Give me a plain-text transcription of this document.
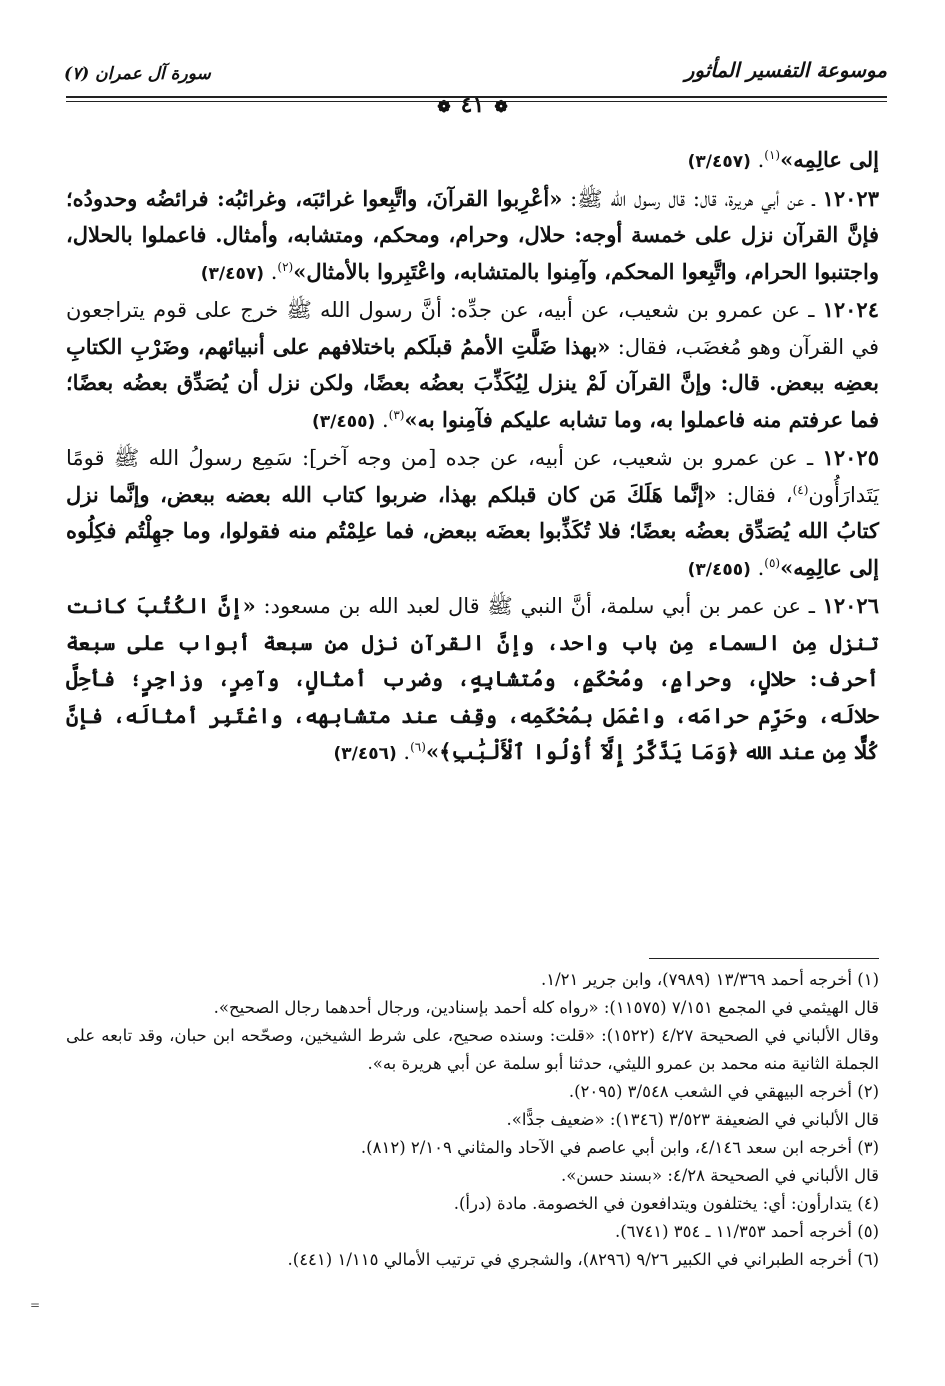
موسوعة التفسير المأثور
سورة آل عمران (٧)
❁ ٤١ ❁

إلى عالِمِه»$^{(١)}$. (٣/٤٥٧)

١٢٠٢٣ ـ عن أبي هريرة، قال: قال رسول الله ﷺ: «أعْرِبوا القرآنَ، واتَّبِعوا غرائبَه، وغرائبُه: فرائضُه وحدودُه؛ فإنَّ القرآن نزل على خمسة أوجه: حلال، وحرام، ومحكم، ومتشابه، وأمثال. فاعملوا بالحلال، واجتنبوا الحرام، واتَّبِعوا المحكم، وآمِنوا بالمتشابه، واعْتَبِروا بالأمثال»$^{(٢)}$. (٣/٤٥٧)

١٢٠٢٤ ـ عن عمرو بن شعيب، عن أبيه، عن جدِّه: أنَّ رسول الله ﷺ خرج على قوم يتراجعون في القرآن وهو مُغضَب، فقال: «بهذا ضَلَّتِ الأممُ قبلَكم باختلافهم على أنبيائهم، وضَرْبِ الكتابِ بعضِه ببعض. قال: وإنَّ القرآن لَمْ ينزل لِيُكَذِّبَ بعضُه بعضًا، ولكن نزل أن يُصَدِّق بعضُه بعضًا؛ فما عرفتم منه فاعملوا به، وما تشابه عليكم فآمِنوا به»$^{(٣)}$. (٣/٤٥٥)

١٢٠٢٥ ـ عن عمرو بن شعيب، عن أبيه، عن جده [من وجه آخر]: سَمِع رسولُ الله ﷺ قومًا يَتَدارَأُون$^{(٤)}$، فقال: «إنَّما هَلَكَ مَن كان قبلكم بهذا، ضربوا كتاب الله بعضه ببعض، وإنَّما نزل كتابُ الله يُصَدِّق بعضُه بعضًا؛ فلا تُكَذِّبوا بعضَه ببعض، فما علِمْتُم منه فقولوا، وما جهِلْتُم فكِلُوه إلى عالِمِه»$^{(٥)}$. (٣/٤٥٥)

١٢٠٢٦ ـ عن عمر بن أبي سلمة، أنَّ النبي ﷺ قال لعبد الله بن مسعود: «إنَّ الكُتُبَ كانت تنزل مِن السماء مِن باب واحد، وإنَّ القرآن نزل من سبعة أبواب على سبعة أحرف: حلالٍ، وحرامٍ، ومُحْكَمٍ، ومُتشابِهٍ، وضرب أمثالٍ، وآمِرٍ، وزاجِرٍ؛ فأحِلَّ حلالَه، وحَرِّم حرامَه، واعْمَل بمُحْكَمِه، وقِف عند متشابهه، واعْتَبِر أمثالَه، فإنَّ كُلًّا مِن عند الله ﴿وَمَا يَذَّكَّرُ إِلَّآ أُوْلُوا ٱلْأَلْبَٰبِ﴾»$^{(٦)}$. (٣/٤٥٦)

(١) أخرجه أحمد ١٣/٣٦٩ (٧٩٨٩)، وابن جرير ١/٢١.

قال الهيثمي في المجمع ٧/١٥١ (١١٥٧٥): «رواه كله أحمد بإسنادين، ورجال أحدهما رجال الصحيح».

وقال الألباني في الصحيحة ٤/٢٧ (١٥٢٢): «قلت: وسنده صحيح، على شرط الشيخين، وصحّحه ابن حبان، وقد تابعه على الجملة الثانية منه محمد بن عمرو الليثي، حدثنا أبو سلمة عن أبي هريرة به».

(٢) أخرجه البيهقي في الشعب ٣/٥٤٨ (٢٠٩٥).

قال الألباني في الضعيفة ٣/٥٢٣ (١٣٤٦): «ضعيف جدًّا».

(٣) أخرجه ابن سعد ٤/١٤٦، وابن أبي عاصم في الآحاد والمثاني ٢/١٠٩ (٨١٢).

قال الألباني في الصحيحة ٤/٢٨: «بسند حسن».

(٤) يتدارأون: أي: يختلفون ويتدافعون في الخصومة. مادة (درأ).

(٥) أخرجه أحمد ١١/٣٥٣ ـ ٣٥٤ (٦٧٤١).

(٦) أخرجه الطبراني في الكبير ٩/٢٦ (٨٢٩٦)، والشجري في ترتيب الأمالي ١/١١٥ (٤٤١).

=
